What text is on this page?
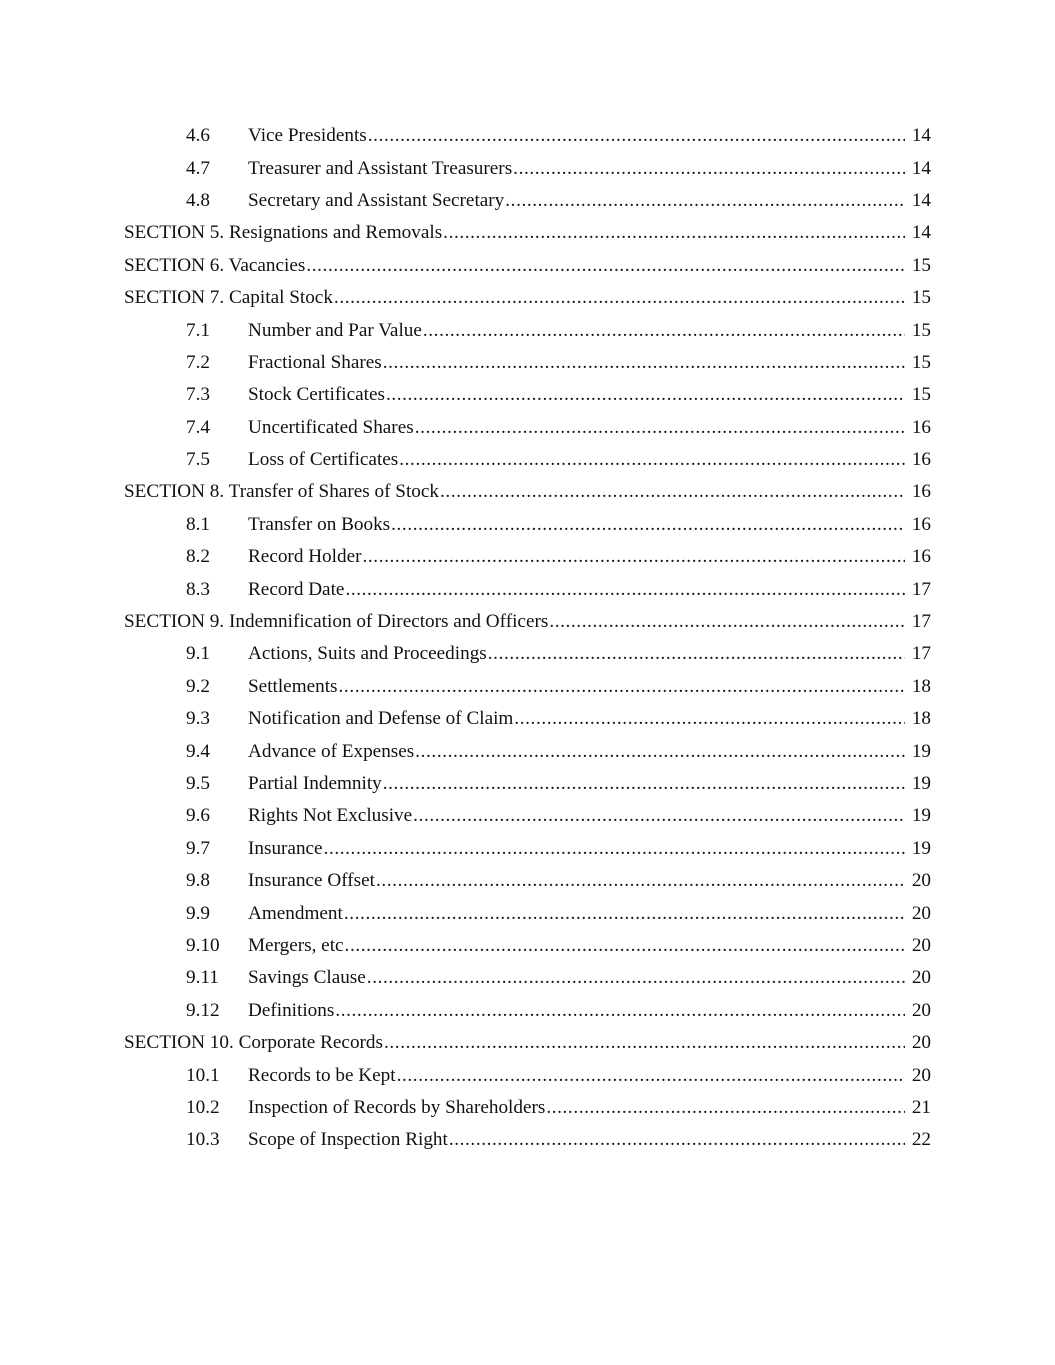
4.6 Vice Presidents .....	14
4.7 Treasurer and Assistant Treasurers .....	14
4.8 Secretary and Assistant Secretary .....	14
SECTION 5. Resignations and Removals .....	14
SECTION 6. Vacancies .....	15
SECTION 7. Capital Stock .....	15
7.1 Number and Par Value .....	15
7.2 Fractional Shares .....	15
7.3 Stock Certificates .....	15
7.4 Uncertificated Shares .....	16
7.5 Loss of Certificates .....	16
SECTION 8. Transfer of Shares of Stock .....	16
8.1 Transfer on Books .....	16
8.2 Record Holder .....	16
8.3 Record Date .....	17
SECTION 9. Indemnification of Directors and Officers .....	17
9.1 Actions, Suits and Proceedings .....	17
9.2 Settlements .....	18
9.3 Notification and Defense of Claim .....	18
9.4 Advance of Expenses .....	19
9.5 Partial Indemnity .....	19
9.6 Rights Not Exclusive .....	19
9.7 Insurance .....	19
9.8 Insurance Offset .....	20
9.9 Amendment .....	20
9.10 Mergers, etc .....	20
9.11 Savings Clause .....	20
9.12 Definitions .....	20
SECTION 10. Corporate Records .....	20
10.1 Records to be Kept .....	20
10.2 Inspection of Records by Shareholders .....	21
10.3 Scope of Inspection Right .....	22
